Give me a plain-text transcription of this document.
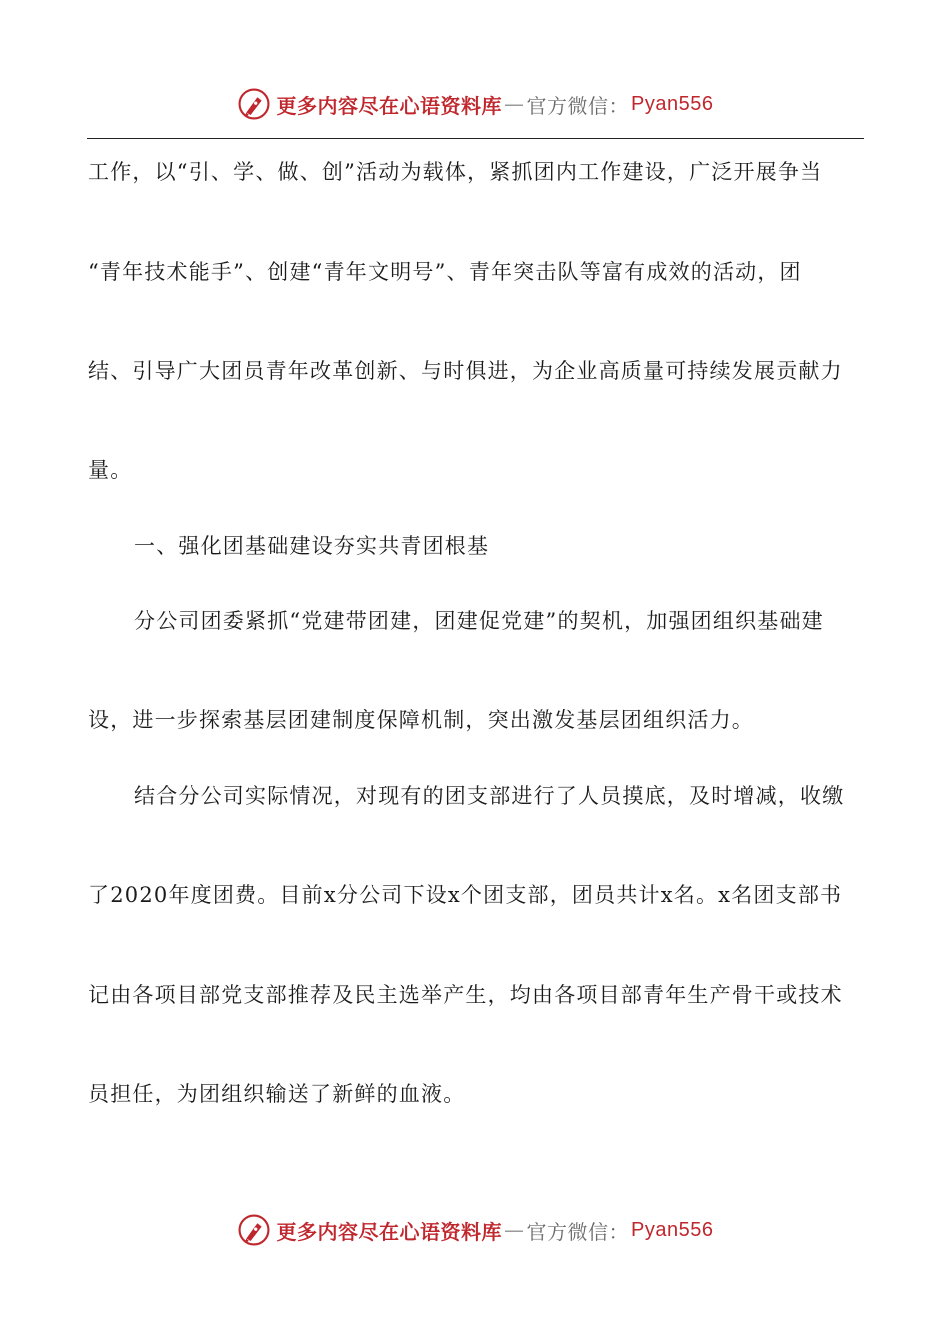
更多内容尽在心语资料库 — 官方微信： Pyan556
工作，以“引、学、做、创”活动为载体，紧抓团内工作建设，广泛开展争当
“青年技术能手”、创建“青年文明号”、青年突击队等富有成效的活动，团
结、引导广大团员青年改革创新、与时俱进，为企业高质量可持续发展贡献力
量。
一、强化团基础建设夯实共青团根基
分公司团委紧抓“党建带团建，团建促党建”的契机，加强团组织基础建
设，进一步探索基层团建制度保障机制，突出激发基层团组织活力。
结合分公司实际情况，对现有的团支部进行了人员摸底，及时增减，收缴
了2020年度团费。目前x分公司下设x个团支部，团员共计x名。x名团支部书
记由各项目部党支部推荐及民主选举产生，均由各项目部青年生产骨干或技术
员担任，为团组织输送了新鲜的血液。
更多内容尽在心语资料库 — 官方微信： Pyan556
